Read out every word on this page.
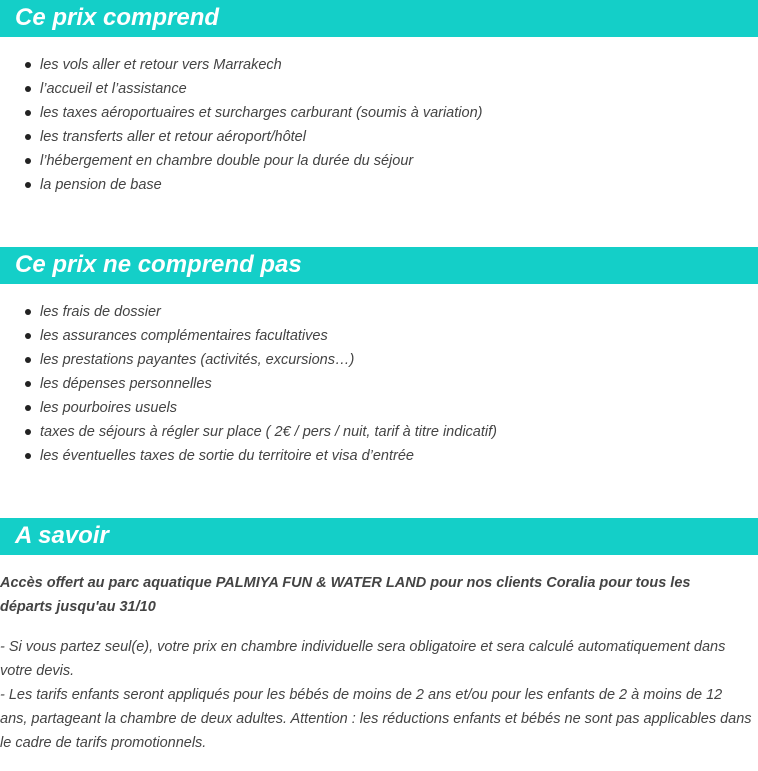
Ce prix comprend
les vols aller et retour vers Marrakech
l’accueil et l’assistance
les taxes aéroportuaires et surcharges carburant (soumis à variation)
les transferts aller et retour aéroport/hôtel
l’hébergement en chambre double pour la durée du séjour
la pension de base
Ce prix ne comprend pas
les frais de dossier
les assurances complémentaires facultatives
les prestations payantes (activités, excursions…)
les dépenses personnelles
les pourboires usuels
taxes de séjours à régler sur place ( 2€ / pers / nuit, tarif à titre indicatif)
les éventuelles taxes de sortie du territoire et visa d’entrée
A savoir

Accès offert au parc aquatique PALMIYA FUN & WATER LAND pour nos clients Coralia pour tous les départs jusqu'au 31/10

- Si vous partez seul(e), votre prix en chambre individuelle sera obligatoire et sera calculé automatiquement dans votre devis.

- Les tarifs enfants seront appliqués pour les bébés de moins de 2 ans et/ou pour les enfants de 2 à moins de 12 ans, partageant la chambre de deux adultes. Attention : les réductions enfants et bébés ne sont pas applicables dans le cadre de tarifs promotionnels.
